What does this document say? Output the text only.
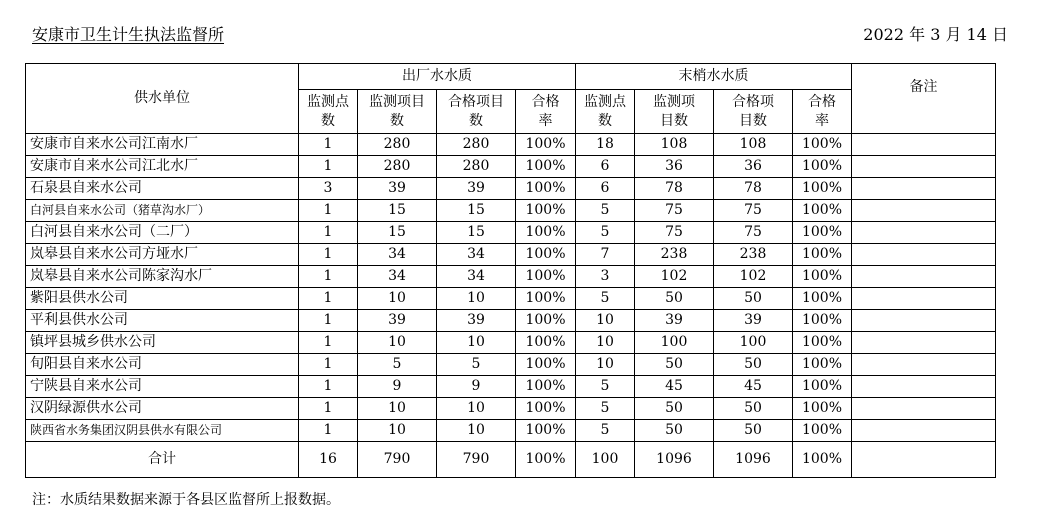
安康市卫生计生执法监督所	2022 年 3 月 14 日
供水单位	出厂水水质				末梢水水质				备注
	监测点数	监测项目数	合格项目数	合格率	监测点数	监测项目数	合格项目数	合格率	
安康市自来水公司江南水厂	1	280	280	100%	18	108	108	100%	
安康市自来水公司江北水厂	1	280	280	100%	6	36	36	100%	
石泉县自来水公司	3	39	39	100%	6	78	78	100%	
白河县自来水公司（猪草沟水厂）	1	15	15	100%	5	75	75	100%	
白河县自来水公司（二厂）	1	15	15	100%	5	75	75	100%	
岚皋县自来水公司方垭水厂	1	34	34	100%	7	238	238	100%	
岚皋县自来水公司陈家沟水厂	1	34	34	100%	3	102	102	100%	
紫阳县供水公司	1	10	10	100%	5	50	50	100%	
平利县供水公司	1	39	39	100%	10	39	39	100%	
镇坪县城乡供水公司	1	10	10	100%	10	100	100	100%	
旬阳县自来水公司	1	5	5	100%	10	50	50	100%	
宁陕县自来水公司	1	9	9	100%	5	45	45	100%	
汉阴绿源供水公司	1	10	10	100%	5	50	50	100%	
陕西省水务集团汉阴县供水有限公司	1	10	10	100%	5	50	50	100%	
合计	16	790	790	100%	100	1096	1096	100%	
注：水质结果数据来源于各县区监督所上报数据。
